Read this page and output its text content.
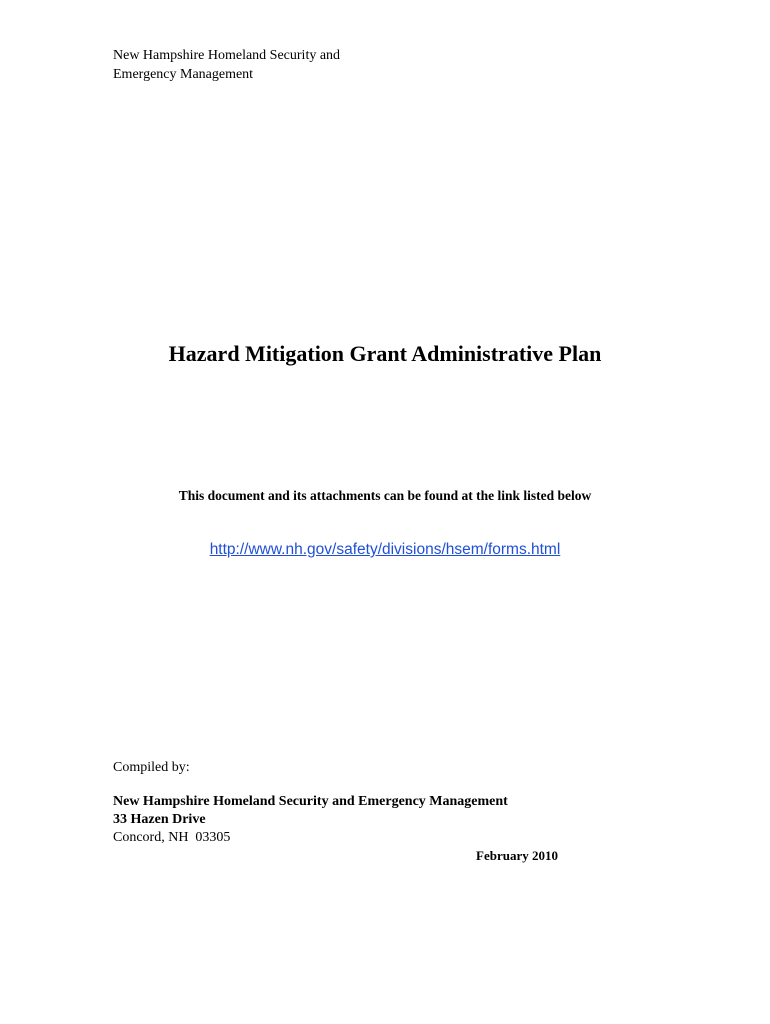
New Hampshire Homeland Security and
Emergency Management
Hazard Mitigation Grant Administrative Plan
This document and its attachments can be found at the link listed below
http://www.nh.gov/safety/divisions/hsem/forms.html
Compiled by:
New Hampshire Homeland Security and Emergency Management
33 Hazen Drive
Concord, NH  03305
February 2010
